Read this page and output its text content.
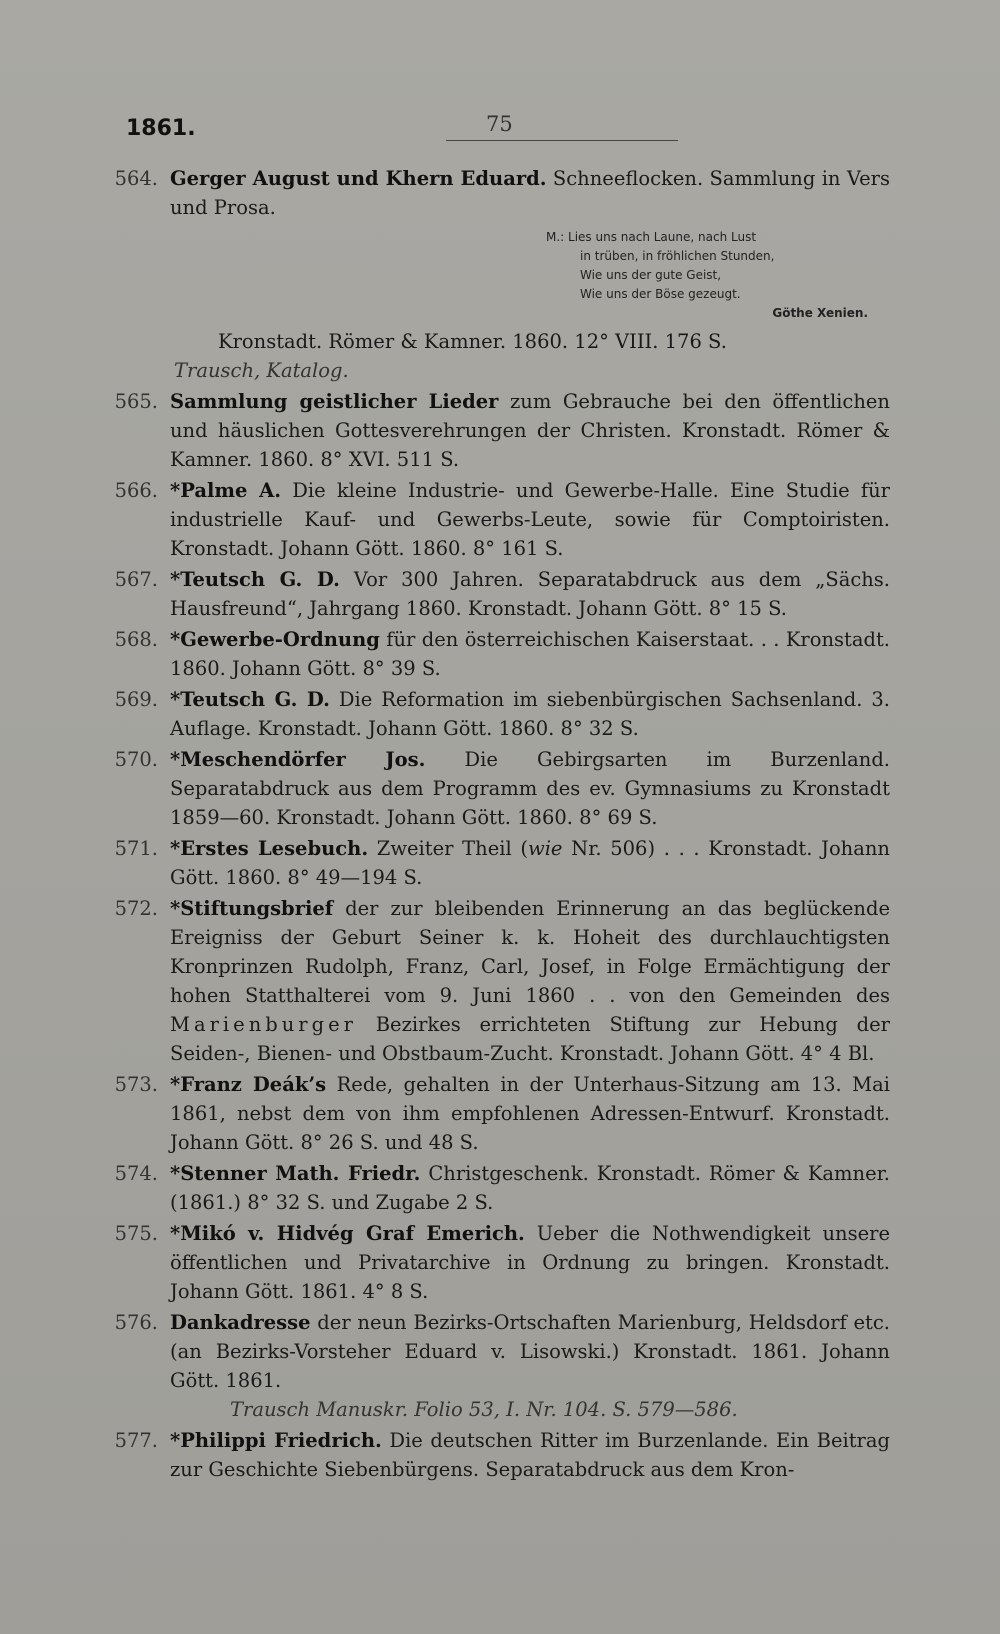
1861.	75
564. Gerger August und Khern Eduard. Schneeflocken. Sammlung in Vers und Prosa.
M.: Lies uns nach Laune, nach Lust
in trüben, in fröhlichen Stunden,
Wie uns der gute Geist,
Wie uns der Böse gezeugt.
Göthe Xenien.
Kronstadt. Römer & Kamner. 1860. 12° VIII. 176 S.
Trausch, Katalog.
565. Sammlung geistlicher Lieder zum Gebrauche bei den öffentlichen und häuslichen Gottesverehrungen der Christen. Kronstadt. Römer & Kamner. 1860. 8° XVI. 511 S.
566. *Palme A. Die kleine Industrie- und Gewerbe-Halle. Eine Studie für industrielle Kauf- und Gewerbs-Leute, sowie für Comptoiristen. Kronstadt. Johann Gött. 1860. 8° 161 S.
567. *Teutsch G. D. Vor 300 Jahren. Separatabdruck aus dem „Sächs. Hausfreund“, Jahrgang 1860. Kronstadt. Johann Gött. 8° 15 S.
568. *Gewerbe-Ordnung für den österreichischen Kaiserstaat. . . Kronstadt. 1860. Johann Gött. 8° 39 S.
569. *Teutsch G. D. Die Reformation im siebenbürgischen Sachsenland. 3. Auflage. Kronstadt. Johann Gött. 1860. 8° 32 S.
570. *Meschendörfer Jos. Die Gebirgsarten im Burzenland. Separatabdruck aus dem Programm des ev. Gymnasiums zu Kronstadt 1859—60. Kronstadt. Johann Gött. 1860. 8° 69 S.
571. *Erstes Lesebuch. Zweiter Theil (wie Nr. 506) . . . Kronstadt. Johann Gött. 1860. 8° 49—194 S.
572. *Stiftungsbrief der zur bleibenden Erinnerung an das beglückende Ereigniss der Geburt Seiner k. k. Hoheit des durchlauchtigsten Kronprinzen Rudolph, Franz, Carl, Josef, in Folge Ermächtigung der hohen Statthalterei vom 9. Juni 1860 . . von den Gemeinden des Marienburger Bezirkes errichteten Stiftung zur Hebung der Seiden-, Bienen- und Obstbaum-Zucht. Kronstadt. Johann Gött. 4° 4 Bl.
573. *Franz Deák’s Rede, gehalten in der Unterhaus-Sitzung am 13. Mai 1861, nebst dem von ihm empfohlenen Adressen-Entwurf. Kronstadt. Johann Gött. 8° 26 S. und 48 S.
574. *Stenner Math. Friedr. Christgeschenk. Kronstadt. Römer & Kamner. (1861.) 8° 32 S. und Zugabe 2 S.
575. *Mikó v. Hidvég Graf Emerich. Ueber die Nothwendigkeit unsere öffentlichen und Privatarchive in Ordnung zu bringen. Kronstadt. Johann Gött. 1861. 4° 8 S.
576. Dankadresse der neun Bezirks-Ortschaften Marienburg, Heldsdorf etc. (an Bezirks-Vorsteher Eduard v. Lisowski.) Kronstadt. 1861. Johann Gött. 1861.
Trausch Manuskr. Folio 53, I. Nr. 104. S. 579—586.
577. *Philippi Friedrich. Die deutschen Ritter im Burzenlande. Ein Beitrag zur Geschichte Siebenbürgens. Separatabdruck aus dem Kron-
